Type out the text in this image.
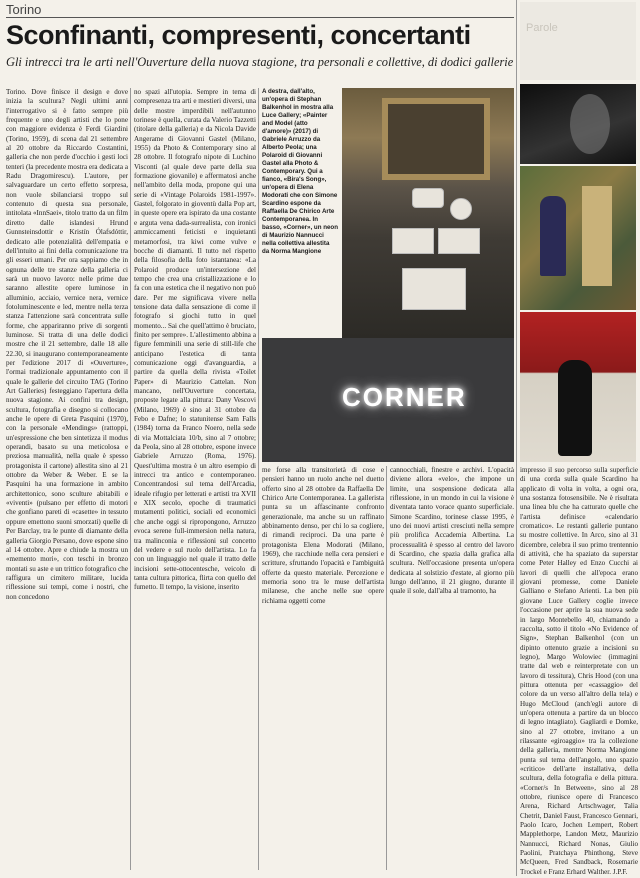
Torino
Sconfinanti, compresenti, concertanti
Gli intrecci tra le arti nell'Ouverture della nuova stagione, tra personali e collettive, di dodici gallerie

Torino. Dove finisce il design e dove inizia la scultura? Negli ultimi anni l'interrogativo si è fatto sempre più frequente e uno degli artisti che lo pone con maggiore evidenza è Ferdi Giardini (Torino, 1959), di scena dal 21 settembre al 20 ottobre da Riccardo Costantini, galleria che non perde d'occhio i gesti loci tenteri (la precedente mostra era dedicata a Radu Dragomirescu). L'autore, per salvaguardare un certo effetto sorpresa, non vuole sbilanciarsi troppo sul contenuto di questa sua personale, intitolata «InnSaei», titolo tratto da un film diretto dalle islandesi Hrund Gunnsteinsdottir e Kristín Ólafsdóttir, dedicato alle potenzialità dell'empatia e dell'intuito ai fini della comunicazione tra gli esseri umani. Per ora sappiamo che in ognuna delle tre stanze della galleria ci sarà un nuovo lavoro: nelle prime due saranno allestite opere luminose in alluminio, acciaio, vernice nera, vernice fotoluminescente e led, mentre nella terza stanza l'attenzione sarà concentrata sulle forme, che appariranno prive di sorgenti luminose. Si tratta di una delle dodici mostre che il 21 settembre, dalle 18 alle 22.30, si inaugurano contemporaneamente per l'edizione 2017 di «Ouverture», l'ormai tradizionale appuntamento con il quale le gallerie del circuito TAG (Torino Art Galleries) festeggiano l'apertura della nuova stagione. Ai confini tra design, scultura, fotografia e disegno si collocano anche le opere di Greta Pasquini (1970), con la personale «Mendings» (rattoppi, un'espressione che ben sintetizza il modus operandi, basato su una meticolosa e preziosa manualità, nella quale è spesso protagonista il cartone) allestita sino al 21 ottobre da Weber & Weber. E se la Pasquini ha una formazione in ambito architettonico, sono sculture abitabili e «viventi» (pulsano per effetto di motori che gonfiano pareti di «casette» in tessuto oppure emettono suoni smorzati) quelle di Per Barclay, tra le punte di diamante della galleria Giorgio Persano, dove espone sino al 14 ottobre. Apre e chiude la mostra un «memento mori», con teschi in bronzo montati su aste e un trittico fotografico che raffigura un cimitero militare, lucida riflessione sui tempi, come i nostri, che non concedono

no spazi all'utopia. Sempre in tema di compresenza tra arti e mestieri diversi, una delle mostre imperdibili nell'autunno torinese è quella, curata da Valerio Tazzetti (titolare della galleria) e da Nicola Davide Angerame di Giovanni Gastel (Milano, 1955) da Photo & Contemporary sino al 28 ottobre. Il fotografo nipote di Luchino Visconti (al quale deve parte della sua formazione giovanile) e affermatosi anche nell'ambito della moda, propone qui una serie di «Vintage Polaroids 1981-1997». Gastel, folgorato in gioventù dalla Pop art, in queste opere era ispirato da una costante e arguta vena dada-surrealista, con ironici ammiccamenti feticisti e inquietanti metamorfosi, tra kiwi come vulve e bocche di diamanti. Il tutto nel rispetto della filosofia della foto istantanea: «La Polaroid produce un'intersezione del tempo che crea una cristallizzazione e lo fa con una estetica che il negativo non può dare. Per me significava vivere nella tensione data dalla sensazione di come il fotografo si giochi tutto in quel momento... Sai che quell'attimo è bruciato, finito per sempre». L'allestimento abbina a figure femminili una serie di still-life che anticipano l'estetica di tanta comunicazione oggi d'avanguardia, a partire da quella della rivista «Toilet Paper» di Maurizio Cattelan. Non mancano, nell'Ouverture concertata, proposte legate alla pittura: Dany Vescovi (Milano, 1969) è sino al 31 ottobre da Febo e Dafne; lo statunitense Sam Falls (1984) torna da Franco Noero, nella sede di via Mottalciata 10/b, sino al 7 ottobre; da Peola, sino al 28 ottobre, espone invece Gabriele Arruzzo (Roma, 1976). Quest'ultima mostra è un altro esempio di intrecci tra antico e contemporaneo. Concentrandosi sul tema dell'Arcadia, ideale rifugio per letterati e artisti tra XVII e XIX secolo, epoche di traumatici mutamenti politici, sociali ed economici che anche oggi si ripropongono, Arruzzo evoca serene full-immersion nella natura, tra malinconia e riflessioni sul concetto del vedere e sul ruolo dell'artista. Lo fa con un linguaggio nel quale il tratto delle incisioni sette-ottocentesche, veicolo di tanta cultura pittorica, flirta con quello del fumetto. Il tempo, la visione, inserito

A destra, dall'alto, un'opera di Stephan Balkenhol in mostra alla Luce Gallery; «Painter and Model (atto d'amore)» (2017) di Gabriele Arruzzo da Alberto Peola; una Polaroid di Giovanni Gastel alla Photo & Contemporary. Qui a fianco, «Bira's Song», un'opera di Elena Modorati che con Simone Scardino espone da Raffaella De Chirico Arte Contemporanea. In basso, «Corner», un neon di Maurizio Nannucci nella collettiva allestita da Norma Mangione
CORNER

me forse alla transitorietà di cose e pensieri hanno un ruolo anche nel duetto offerto sino al 28 ottobre da Raffaella De Chirico Arte Contemporanea. La gallerista punta su un affascinante confronto generazionale, ma anche su un raffinato abbinamento denso, per chi lo sa cogliere, di rimandi reciproci. Da una parte è protagonista Elena Modorati (Milano, 1969), che racchiude nella cera pensieri e scritture, sfruttando l'opacità e l'ambiguità offerte da questo materiale. Percezione e memoria sono tra le muse dell'artista milanese, che anche nelle sue opere richiama oggetti come

cannocchiali, finestre e archivi. L'opacità diviene allora «velo», che impone un limite, una sospensione dedicata alla riflessione, in un mondo in cui la visione è diventata tanto vorace quanto superficiale. Simone Scardino, torinese classe 1995, è uno dei nuovi artisti cresciuti nella sempre più prolifica Accademia Albertina. La processualità è spesso al centro del lavoro di Scardino, che spazia dalla grafica alla scultura. Nell'occasione presenta un'opera dedicata al solstizio d'estate, al giorno più lungo dell'anno, il 21 giugno, durante il quale il sole, dall'alba al tramonto, ha

Parole

impresso il suo percorso sulla superficie di una corda sulla quale Scardino ha applicato di volta in volta, a ogni ora, una sostanza fotosensibile. Ne è risultata una linea blu che ha catturato quelle che l'artista definisce «calendario cromatico». Le restanti gallerie puntano su mostre collettive. In Arco, sino al 31 dicembre, celebra il suo primo trentennio di attività, che ha spaziato da superstar come Peter Halley ed Enzo Cucchi ai lavori di quelli che all'epoca erano giovani promesse, come Daniele Galliano e Stefano Arienti. La ben più giovane Luce Gallery coglie invece l'occasione per aprire la sua nuova sede in largo Montebello 40, chiamando a raccolta, sotto il titolo «No Evidence of Sign», Stephan Balkenhol (con un dipinto ottenuto grazie a incisioni su legno), Margo Wolowiec (immagini tratte dal web e reinterpretate con un lavoro di tessitura), Chris Hood (con una pittura ottenuta per «cassaggio» del colore da un verso all'altro della tela) e Hugo McCloud (anch'egli autore di un'opera ottenuta a partire da un blocco di legno intagliato). Gagliardi e Domke, sino al 27 ottobre, invitano a un rilassante «giroaggio» tra la collezione della galleria, mentre Norma Mangione punta sul tema dell'angolo, uno spazio «critico» dell'arte installativa, della scultura, della fotografia e della pittura. «Corner/s In Between», sino al 28 ottobre, riunisce opere di Francesco Arena, Richard Artschwager, Talia Chetrit, Daniel Faust, Francesco Gennari, Paolo Icaro, Jochen Lempert, Robert Mapplethorpe, Landon Metz, Maurizio Nannucci, Richard Nonas, Giulio Paolini, Pratchaya Phinthong, Steve McQueen, Fred Sandback, Rosemarie Trockel e Franz Erhard Walther. J.P.F.
